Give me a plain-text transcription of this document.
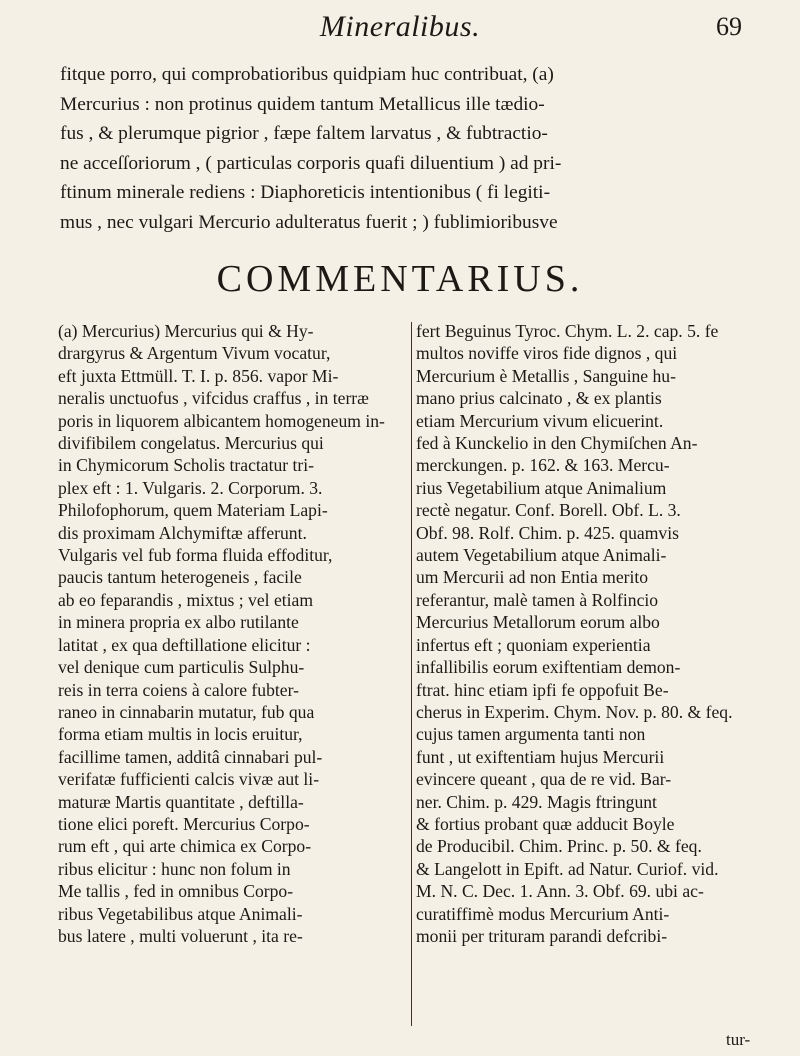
Mineralibus.	69
fitque porro, qui comprobatioribus quidpiam huc contribuat, (a)
Mercurius : non protinus quidem tantum Metallicus ille tædio-
fus , & plerumque pigrior , fæpe faltem larvatus , & fubtractio-
ne acceſſoriorum , ( particulas corporis quafi diluentium ) ad pri-
ftinum minerale rediens : Diaphoreticis intentionibus ( fi legiti-
mus , nec vulgari Mercurio adulteratus fuerit ; ) fublimioribusve
COMMENTARIUS.
(a) Mercurius) Mercurius qui & Hy-
drargyrus & Argentum Vivum vocatur,
eft juxta Ettmüll. T. I. p. 856. vapor Mi-
neralis unctuofus , vifcidus craffus , in terræ
poris in liquorem albicantem homogeneum in-
divifibilem congelatus. Mercurius qui
in Chymicorum Scholis tractatur tri-
plex eft : 1. Vulgaris. 2. Corporum. 3.
Philofophorum, quem Materiam Lapi-
dis proximam Alchymiftæ afferunt.
Vulgaris vel fub forma fluida effoditur,
paucis tantum heterogeneis , facile
ab eo feparandis , mixtus ; vel etiam
in minera propria ex albo rutilante
latitat , ex qua deftillatione elicitur :
vel denique cum particulis Sulphu-
reis in terra coiens à calore fubter-
raneo in cinnabarin mutatur, fub qua
forma etiam multis in locis eruitur,
facillime tamen, additâ cinnabari pul-
verifatæ fufficienti calcis vivæ aut li-
maturæ Martis quantitate , deftilla-
tione elici poreft. Mercurius Corpo-
rum eft , qui arte chimica ex Corpo-
ribus elicitur : hunc non folum in
Me tallis , fed in omnibus Corpo-
ribus Vegetabilibus atque Animali-
bus latere , multi voluerunt , ita re-
fert Beguinus Tyroc. Chym. L. 2. cap. 5. fe
multos noviffe viros fide dignos , qui
Mercurium è Metallis , Sanguine hu-
mano prius calcinato , & ex plantis
etiam Mercurium vivum elicuerint.
fed à Kunckelio in den Chymiſchen An-
merckungen. p. 162. & 163. Mercu-
rius Vegetabilium atque Animalium
rectè negatur. Conf. Borell. Obf. L. 3.
Obf. 98. Rolf. Chim. p. 425. quamvis
autem Vegetabilium atque Animali-
um Mercurii ad non Entia merito
referantur, malè tamen à Rolfincio
Mercurius Metallorum eorum albo
infertus eft ; quoniam experientia
infallibilis eorum exiftentiam demon-
ftrat. hinc etiam ipfi fe oppofuit Be-
cherus in Experim. Chym. Nov. p. 80. & feq.
cujus tamen argumenta tanti non
funt , ut exiftentiam hujus Mercurii
evincere queant , qua de re vid. Bar-
ner. Chim. p. 429. Magis ftringunt
& fortius probant quæ adducit Boyle
de Producibil. Chim. Princ. p. 50. & feq.
& Langelott in Epift. ad Natur. Curiof. vid.
M. N. C. Dec. 1. Ann. 3. Obf. 69. ubi ac-
curatiffimè modus Mercurium Anti-
monii per trituram parandi defcribi-
tur-
